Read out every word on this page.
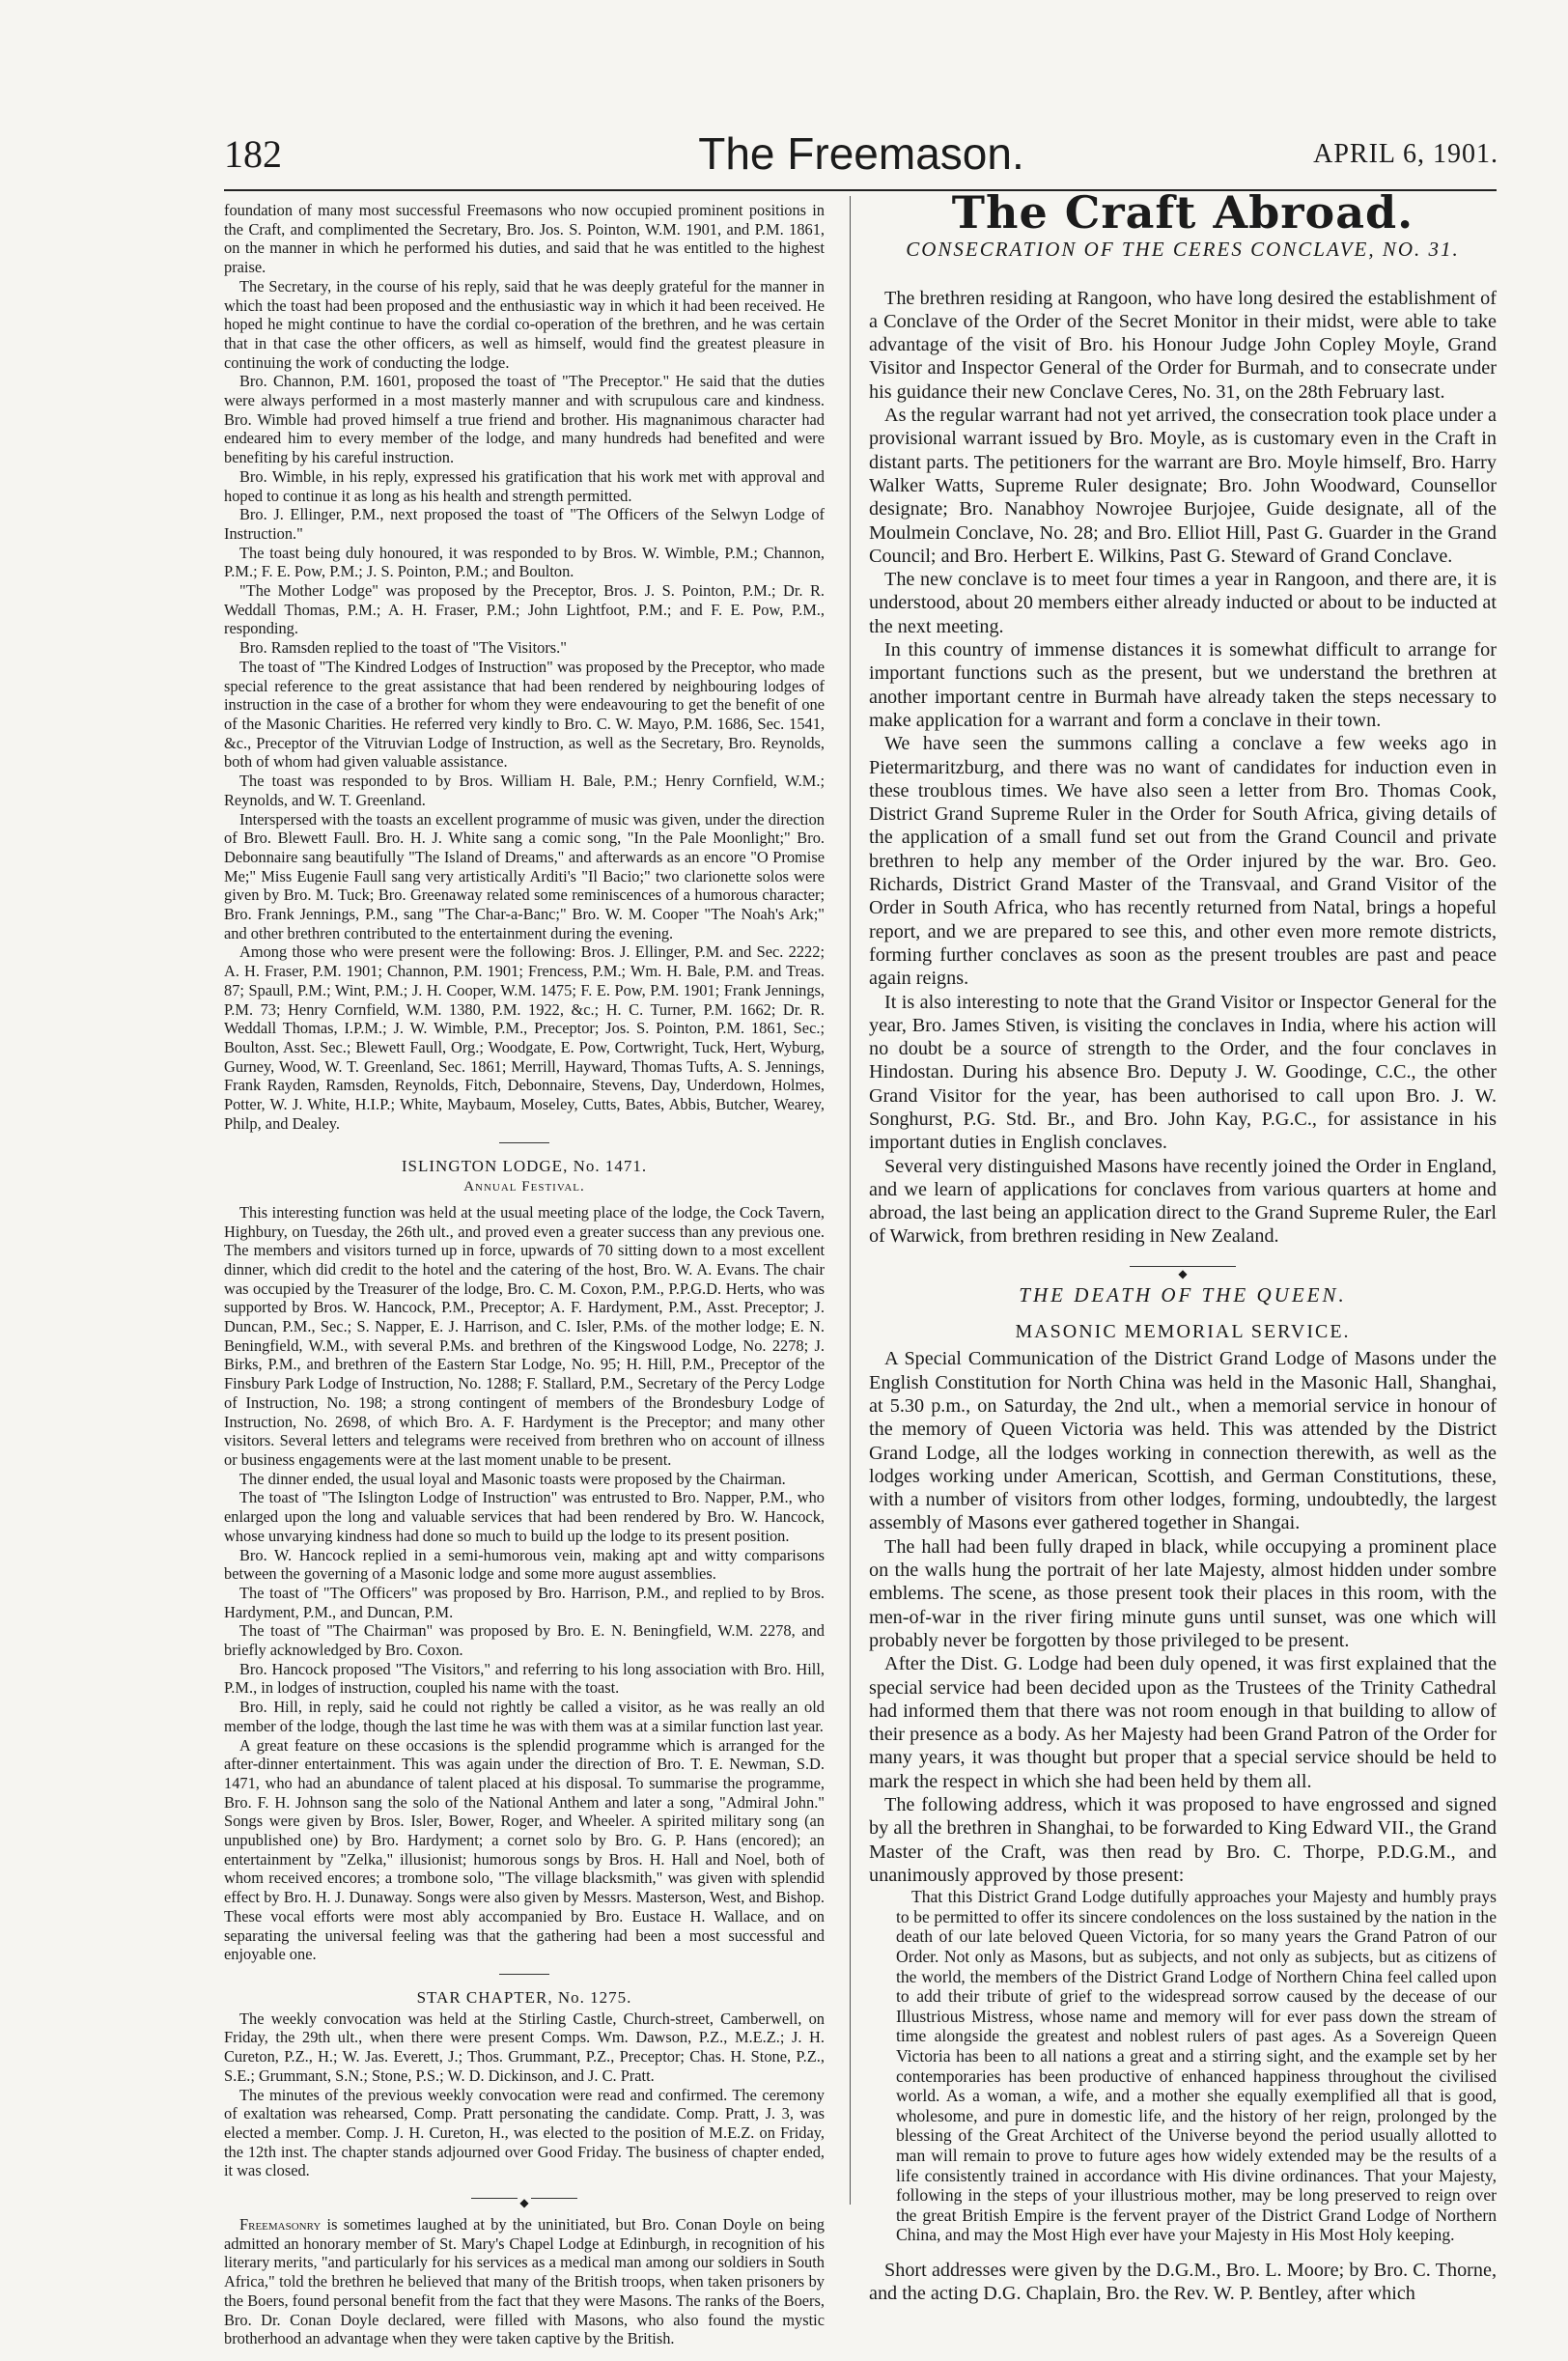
182	The Freemason.	APRIL 6, 1901.

foundation of many most successful Freemasons who now occupied prominent positions in the Craft, and complimented the Secretary, Bro. Jos. S. Pointon, W.M. 1901, and P.M. 1861, on the manner in which he performed his duties, and said that he was entitled to the highest praise.

The Secretary, in the course of his reply, said that he was deeply grateful for the manner in which the toast had been proposed and the enthusiastic way in which it had been received. He hoped he might continue to have the cordial co-operation of the brethren, and he was certain that in that case the other officers, as well as himself, would find the greatest pleasure in continuing the work of conducting the lodge.

Bro. Channon, P.M. 1601, proposed the toast of "The Preceptor." He said that the duties were always performed in a most masterly manner and with scrupulous care and kindness. Bro. Wimble had proved himself a true friend and brother. His magnanimous character had endeared him to every member of the lodge, and many hundreds had benefited and were benefiting by his careful instruction.

Bro. Wimble, in his reply, expressed his gratification that his work met with approval and hoped to continue it as long as his health and strength permitted.

Bro. J. Ellinger, P.M., next proposed the toast of "The Officers of the Selwyn Lodge of Instruction."

The toast being duly honoured, it was responded to by Bros. W. Wimble, P.M.; Channon, P.M.; F. E. Pow, P.M.; J. S. Pointon, P.M.; and Boulton.

"The Mother Lodge" was proposed by the Preceptor, Bros. J. S. Pointon, P.M.; Dr. R. Weddall Thomas, P.M.; A. H. Fraser, P.M.; John Lightfoot, P.M.; and F. E. Pow, P.M., responding.

Bro. Ramsden replied to the toast of "The Visitors."

The toast of "The Kindred Lodges of Instruction" was proposed by the Preceptor, who made special reference to the great assistance that had been rendered by neighbouring lodges of instruction in the case of a brother for whom they were endeavouring to get the benefit of one of the Masonic Charities. He referred very kindly to Bro. C. W. Mayo, P.M. 1686, Sec. 1541, &c., Preceptor of the Vitruvian Lodge of Instruction, as well as the Secretary, Bro. Reynolds, both of whom had given valuable assistance.

The toast was responded to by Bros. William H. Bale, P.M.; Henry Cornfield, W.M.; Reynolds, and W. T. Greenland.

Interspersed with the toasts an excellent programme of music was given, under the direction of Bro. Blewett Faull. Bro. H. J. White sang a comic song, "In the Pale Moonlight;" Bro. Debonnaire sang beautifully "The Island of Dreams," and afterwards as an encore "O Promise Me;" Miss Eugenie Faull sang very artistically Arditi's "Il Bacio;" two clarionette solos were given by Bro. M. Tuck; Bro. Greenaway related some reminiscences of a humorous character; Bro. Frank Jennings, P.M., sang "The Char-a-Banc;" Bro. W. M. Cooper "The Noah's Ark;" and other brethren contributed to the entertainment during the evening.

Among those who were present were the following: Bros. J. Ellinger, P.M. and Sec. 2222; A. H. Fraser, P.M. 1901; Channon, P.M. 1901; Frencess, P.M.; Wm. H. Bale, P.M. and Treas. 87; Spaull, P.M.; Wint, P.M.; J. H. Cooper, W.M. 1475; F. E. Pow, P.M. 1901; Frank Jennings, P.M. 73; Henry Cornfield, W.M. 1380, P.M. 1922, &c.; H. C. Turner, P.M. 1662; Dr. R. Weddall Thomas, I.P.M.; J. W. Wimble, P.M., Preceptor; Jos. S. Pointon, P.M. 1861, Sec.; Boulton, Asst. Sec.; Blewett Faull, Org.; Woodgate, E. Pow, Cortwright, Tuck, Hert, Wyburg, Gurney, Wood, W. T. Greenland, Sec. 1861; Merrill, Hayward, Thomas Tufts, A. S. Jennings, Frank Rayden, Ramsden, Reynolds, Fitch, Debonnaire, Stevens, Day, Underdown, Holmes, Potter, W. J. White, H.I.P.; White, Maybaum, Moseley, Cutts, Bates, Abbis, Butcher, Wearey, Philp, and Dealey.

ISLINGTON LODGE, No. 1471.
Annual Festival.

This interesting function was held at the usual meeting place of the lodge, the Cock Tavern, Highbury, on Tuesday, the 26th ult., and proved even a greater success than any previous one. The members and visitors turned up in force, upwards of 70 sitting down to a most excellent dinner, which did credit to the hotel and the catering of the host, Bro. W. A. Evans. The chair was occupied by the Treasurer of the lodge, Bro. C. M. Coxon, P.M., P.P.G.D. Herts, who was supported by Bros. W. Hancock, P.M., Preceptor; A. F. Hardyment, P.M., Asst. Preceptor; J. Duncan, P.M., Sec.; S. Napper, E. J. Harrison, and C. Isler, P.Ms. of the mother lodge; E. N. Beningfield, W.M., with several P.Ms. and brethren of the Kingswood Lodge, No. 2278; J. Birks, P.M., and brethren of the Eastern Star Lodge, No. 95; H. Hill, P.M., Preceptor of the Finsbury Park Lodge of Instruction, No. 1288; F. Stallard, P.M., Secretary of the Percy Lodge of Instruction, No. 198; a strong contingent of members of the Brondesbury Lodge of Instruction, No. 2698, of which Bro. A. F. Hardyment is the Preceptor; and many other visitors. Several letters and telegrams were received from brethren who on account of illness or business engagements were at the last moment unable to be present.

The dinner ended, the usual loyal and Masonic toasts were proposed by the Chairman.

The toast of "The Islington Lodge of Instruction" was entrusted to Bro. Napper, P.M., who enlarged upon the long and valuable services that had been rendered by Bro. W. Hancock, whose unvarying kindness had done so much to build up the lodge to its present position.

Bro. W. Hancock replied in a semi-humorous vein, making apt and witty comparisons between the governing of a Masonic lodge and some more august assemblies.

The toast of "The Officers" was proposed by Bro. Harrison, P.M., and replied to by Bros. Hardyment, P.M., and Duncan, P.M.

The toast of "The Chairman" was proposed by Bro. E. N. Beningfield, W.M. 2278, and briefly acknowledged by Bro. Coxon.

Bro. Hancock proposed "The Visitors," and referring to his long association with Bro. Hill, P.M., in lodges of instruction, coupled his name with the toast.

Bro. Hill, in reply, said he could not rightly be called a visitor, as he was really an old member of the lodge, though the last time he was with them was at a similar function last year.

A great feature on these occasions is the splendid programme which is arranged for the after-dinner entertainment. This was again under the direction of Bro. T. E. Newman, S.D. 1471, who had an abundance of talent placed at his disposal. To summarise the programme, Bro. F. H. Johnson sang the solo of the National Anthem and later a song, "Admiral John." Songs were given by Bros. Isler, Bower, Roger, and Wheeler. A spirited military song (an unpublished one) by Bro. Hardyment; a cornet solo by Bro. G. P. Hans (encored); an entertainment by "Zelka," illusionist; humorous songs by Bros. H. Hall and Noel, both of whom received encores; a trombone solo, "The village blacksmith," was given with splendid effect by Bro. H. J. Dunaway. Songs were also given by Messrs. Masterson, West, and Bishop. These vocal efforts were most ably accompanied by Bro. Eustace H. Wallace, and on separating the universal feeling was that the gathering had been a most successful and enjoyable one.

STAR CHAPTER, No. 1275.

The weekly convocation was held at the Stirling Castle, Church-street, Camberwell, on Friday, the 29th ult., when there were present Comps. Wm. Dawson, P.Z., M.E.Z.; J. H. Cureton, P.Z., H.; W. Jas. Everett, J.; Thos. Grummant, P.Z., Preceptor; Chas. H. Stone, P.Z., S.E.; Grummant, S.N.; Stone, P.S.; W. D. Dickinson, and J. C. Pratt.

The minutes of the previous weekly convocation were read and confirmed. The ceremony of exaltation was rehearsed, Comp. Pratt personating the candidate. Comp. Pratt, J. 3, was elected a member. Comp. J. H. Cureton, H., was elected to the position of M.E.Z. on Friday, the 12th inst. The chapter stands adjourned over Good Friday. The business of chapter ended, it was closed.

◆

Freemasonry is sometimes laughed at by the uninitiated, but Bro. Conan Doyle on being admitted an honorary member of St. Mary's Chapel Lodge at Edinburgh, in recognition of his literary merits, "and particularly for his services as a medical man among our soldiers in South Africa," told the brethren he believed that many of the British troops, when taken prisoners by the Boers, found personal benefit from the fact that they were Masons. The ranks of the Boers, Bro. Dr. Conan Doyle declared, were filled with Masons, who also found the mystic brotherhood an advantage when they were taken captive by the British.

The Craft Abroad.
CONSECRATION OF THE CERES CONCLAVE, NO. 31.

The brethren residing at Rangoon, who have long desired the establishment of a Conclave of the Order of the Secret Monitor in their midst, were able to take advantage of the visit of Bro. his Honour Judge John Copley Moyle, Grand Visitor and Inspector General of the Order for Burmah, and to consecrate under his guidance their new Conclave Ceres, No. 31, on the 28th February last.

As the regular warrant had not yet arrived, the consecration took place under a provisional warrant issued by Bro. Moyle, as is customary even in the Craft in distant parts. The petitioners for the warrant are Bro. Moyle himself, Bro. Harry Walker Watts, Supreme Ruler designate; Bro. John Woodward, Counsellor designate; Bro. Nanabhoy Nowrojee Burjojee, Guide designate, all of the Moulmein Conclave, No. 28; and Bro. Elliot Hill, Past G. Guarder in the Grand Council; and Bro. Herbert E. Wilkins, Past G. Steward of Grand Conclave.

The new conclave is to meet four times a year in Rangoon, and there are, it is understood, about 20 members either already inducted or about to be inducted at the next meeting.

In this country of immense distances it is somewhat difficult to arrange for important functions such as the present, but we understand the brethren at another important centre in Burmah have already taken the steps necessary to make application for a warrant and form a conclave in their town.

We have seen the summons calling a conclave a few weeks ago in Pietermaritzburg, and there was no want of candidates for induction even in these troublous times. We have also seen a letter from Bro. Thomas Cook, District Grand Supreme Ruler in the Order for South Africa, giving details of the application of a small fund set out from the Grand Council and private brethren to help any member of the Order injured by the war. Bro. Geo. Richards, District Grand Master of the Transvaal, and Grand Visitor of the Order in South Africa, who has recently returned from Natal, brings a hopeful report, and we are prepared to see this, and other even more remote districts, forming further conclaves as soon as the present troubles are past and peace again reigns.

It is also interesting to note that the Grand Visitor or Inspector General for the year, Bro. James Stiven, is visiting the conclaves in India, where his action will no doubt be a source of strength to the Order, and the four conclaves in Hindostan. During his absence Bro. Deputy J. W. Goodinge, C.C., the other Grand Visitor for the year, has been authorised to call upon Bro. J. W. Songhurst, P.G. Std. Br., and Bro. John Kay, P.G.C., for assistance in his important duties in English conclaves.

Several very distinguished Masons have recently joined the Order in England, and we learn of applications for conclaves from various quarters at home and abroad, the last being an application direct to the Grand Supreme Ruler, the Earl of Warwick, from brethren residing in New Zealand.

◆
THE DEATH OF THE QUEEN.
MASONIC MEMORIAL SERVICE.

A Special Communication of the District Grand Lodge of Masons under the English Constitution for North China was held in the Masonic Hall, Shanghai, at 5.30 p.m., on Saturday, the 2nd ult., when a memorial service in honour of the memory of Queen Victoria was held. This was attended by the District Grand Lodge, all the lodges working in connection therewith, as well as the lodges working under American, Scottish, and German Constitutions, these, with a number of visitors from other lodges, forming, undoubtedly, the largest assembly of Masons ever gathered together in Shangai.

The hall had been fully draped in black, while occupying a prominent place on the walls hung the portrait of her late Majesty, almost hidden under sombre emblems. The scene, as those present took their places in this room, with the men-of-war in the river firing minute guns until sunset, was one which will probably never be forgotten by those privileged to be present.

After the Dist. G. Lodge had been duly opened, it was first explained that the special service had been decided upon as the Trustees of the Trinity Cathedral had informed them that there was not room enough in that building to allow of their presence as a body. As her Majesty had been Grand Patron of the Order for many years, it was thought but proper that a special service should be held to mark the respect in which she had been held by them all.

The following address, which it was proposed to have engrossed and signed by all the brethren in Shanghai, to be forwarded to King Edward VII., the Grand Master of the Craft, was then read by Bro. C. Thorpe, P.D.G.M., and unanimously approved by those present:

That this District Grand Lodge dutifully approaches your Majesty and humbly prays to be permitted to offer its sincere condolences on the loss sustained by the nation in the death of our late beloved Queen Victoria, for so many years the Grand Patron of our Order. Not only as Masons, but as subjects, and not only as subjects, but as citizens of the world, the members of the District Grand Lodge of Northern China feel called upon to add their tribute of grief to the widespread sorrow caused by the decease of our Illustrious Mistress, whose name and memory will for ever pass down the stream of time alongside the greatest and noblest rulers of past ages. As a Sovereign Queen Victoria has been to all nations a great and a stirring sight, and the example set by her contemporaries has been productive of enhanced happiness throughout the civilised world. As a woman, a wife, and a mother she equally exemplified all that is good, wholesome, and pure in domestic life, and the history of her reign, prolonged by the blessing of the Great Architect of the Universe beyond the period usually allotted to man will remain to prove to future ages how widely extended may be the results of a life consistently trained in accordance with His divine ordinances. That your Majesty, following in the steps of your illustrious mother, may be long preserved to reign over the great British Empire is the fervent prayer of the District Grand Lodge of Northern China, and may the Most High ever have your Majesty in His Most Holy keeping.

Short addresses were given by the D.G.M., Bro. L. Moore; by Bro. C. Thorne, and the acting D.G. Chaplain, Bro. the Rev. W. P. Bentley, after which
